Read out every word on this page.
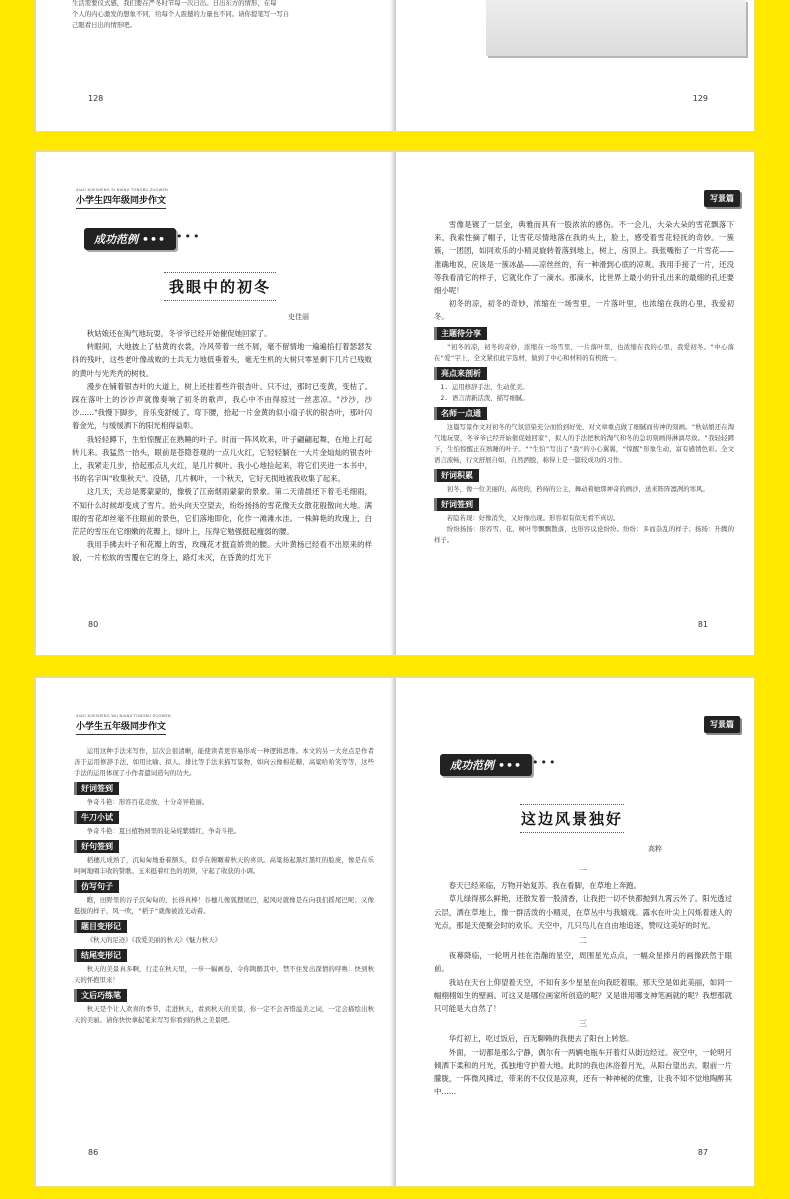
生活需要仪式感，我们要在严冬时节每一次日出。日出东方的情形，在每
个人的内心激发的想象不同，给每个人震撼的力量也不同。请你提笔写一写自
己眼看日出的情形吧。
128	129
XIAO XUESHENG SI NIANJI TONGBU ZUOWEN
小学生四年级同步作文
成功范例 ••• •••
我眼中的初冬
史佳丽

秋姑娘还在淘气地玩耍，冬爷爷已经开始催促她回家了。

转眼间，大地披上了枯黄的衣裳，冷风带着一丝不屑，毫不留情地一遍遍掐打着瑟瑟发抖的残叶，这些老叶像战败的士兵无力地低垂着头，毫无生机的大树只零星剩下几片已残败的黄叶与光秃秃的树枝。

漫步在铺着银杏叶的大道上，树上还挂着些许银杏叶。只不过，那时已变黄，变枯了。踩在落叶上的沙沙声就像奏响了初冬的歌声，我心中不由得掠过一丝悲凉。"沙沙，沙沙……"我慢下脚步，音乐变舒缓了。弯下腰，拾起一片金黄的似小扇子状的银杏叶，那叶闪着金光，与缓缓洒下的阳光相得益彰。

我轻轻蹲下，生怕惊醒正在熟睡的叶子。时而一阵风吹来，叶子翩翩起舞，在地上打起转儿来。我猛然一抬头，眼前是苍隐苍观的一点儿火红，它轻轻躺在一大片金灿灿的银杏叶上，我紧走几步，拾起那点儿火红，是几片枫叶。我小心地捡起来，将它们夹进一本书中，书的名字叫"收集秋天"。没错，几片枫叶，一个秋天，它好无损地被我收集了起来。

这几天，天总是雾蒙蒙的，像极了江南烟雨蒙蒙的景象。第二天清晨还下着毛毛细雨，不知什么时候却变成了雪片。抬头向天空望去，纷纷扬扬的雪花像天女散花般散向大地。满眼的雪花却丝毫不住眼前的景色，它们落地即化，化作一滩滩水洼。一株鲜艳的玫瑰上，白茫茫的雪压在它细嫩的花瓣上，绿叶上，压得它勉强挺起瘦弱的腰。

我用手拂去叶子和花瓣上的雪，玫瑰花才挺直娇贵的腰。大叶黄杨已经看不出原来的样貌，一片松软的雪覆在它的身上，路灯未灭，在昏黄的灯光下

80
写景篇

雪像是镀了一层金，典雅而具有一股浓浓的感伤。不一会儿，大朵大朵的雪花飘落下来，我索性摘了帽子，让雪花尽情地落在我的头上，脸上，感受着雪花轻抚的奇妙。一簇簇，一团团，如同欢乐的小精灵旋转着落到地上，树上，房顶上。我张嘴衔了一片雪花——准确地说，应该是一簇冰晶——凉丝丝的，有一种滑到心底的凉爽。我用手接了一片，还没等我看清它的样子，它就化作了一滴水。那滴水，比世界上最小的针孔出来的最细的孔还要细小呢！

初冬的凉，初冬的奇妙，浓缩在一场雪里，一片落叶里，也浓缩在我的心里，我爱初冬。

主题待分享

"初冬的凉，初冬的奇妙，浓缩在一场雪里，一片落叶里，也浓缩在我的心里，我爱初冬。"中心落在"爱"字上，全文紧扣此字选材，做到了中心和材料的有机统一。

亮点来剖析
1. 运用修辞手法，生动优美。
2. 语言清新活泼，描写细腻。
名师一点通

这篇写景作文对初冬的气氛渲染充分而恰到好处，对文章重点做了细腻而传神的刻画。"秋姑娘还在淘气地玩耍，冬爷爷已经开始催促她回家"，拟人的手法把秋的淘气和冬的急切刻画得淋漓尽致。"我轻轻蹲下，生怕惊醒正在熟睡的叶子。""生怕"写出了"我"的小心翼翼，"惊醒"形象生动，富有感情色彩。全文语言流畅，行文舒展自如，自然洒脱，称得上是一篇较成功的习作。

好词积累

初冬，像一位美丽的，高贵的，矜持的公主，舞动着她那神奇的画沙，送来阵阵凛冽的寒风。

好词签到

若隐若现：好像消失，又好像出现。形容似有似无看不真切。

纷纷扬扬：形容雪、花、树叶等飘飘散落，也形容议论纷纷。纷纷：多而杂乱的样子；扬扬：升腾的样子。

81
XIAO XUESHENG WU NIANJI TONGBU ZUOWEN
小学生五年级同步作文

运用这种手法来写作，层次会很清晰，能使读者更容易形成一种逻辑思维。本文的另一大亮点是作者善于运用修辞手法，如用比喻、拟人、排比等手法来描写景物，如向云像棉花糖，高粱哈哈笑等等，这些手法的运用体现了小作者遣词造句的功夫。

好词签到

争奇斗艳：形容百花竞放，十分奇异艳丽。

牛刀小试

争奇斗艳：夏日植物园里的花朵姹紫嫣红，争奇斗艳。

好句签到

稻穗儿成熟了，沉甸甸地垂着额头，似乎在俯瞰着秋天的喜讯。高粱扬起黑红黑红的脸庞，像是在乐呵呵地唱丰收的赞歌。玉米挺着红色的胡须，守起了收获的小调。

仿写句子

瞧，田野里的谷子沉甸甸的，长得真棒！谷穗儿像狐狸尾巴，起风时就像是在向我们摇尾巴呢；又像挺拔的样子，风一吹，"稻子"就像被波光动着。

题目变形记

《秋天的足迹》《我爱美丽的秋天》《魅力秋天》

结尾变形记

秋天的美景真多啊，行走在秋天里，一步一幅画卷，令你陶醉其中，禁不住发出深情的呼唤：快到秋天的怀抱里来！

文后巧练笔

秋天是个让人欢喜的季节，走进秋天，看到秋天的美景，你一定不会吝惜溢美之词，一定会描绘出秋天的美丽。请你快快拿起笔来写写你看到的秋之美景吧。

86
写景篇
成功范例 ••• •••
这边风景独好
高粹
一

春天已经来临，万物开始复苏。我在看脚，在草地上奔跑。

草儿绿得那么鲜艳，还散发着一股清香，让我把一切不快都抛到九霄云外了。阳光透过云层，洒在草地上，像一群活泼的小精灵，在草丛中与我嬉戏。露水在叶尖上闪烁着迷人的光点，那是天使聚会时的欢乐。天空中，几只鸟儿在自由地追逐，赞叹这美好的时光。

二

夜幕降临，一轮明月挂在浩瀚的星空，周围星光点点，一幅众星捧月的画像跃然于眼前。

我站在天台上仰望着天空，不知有多少星星在向我眨着眼。那天空是如此美丽，如同一幅栩栩如生的壁画。可这又是哪位画家所创造的呢？又是谁用哪支神笔画就的呢？我想那就只可能是大自然了！

三

华灯初上，吃过饭后，百无聊赖的我便去了阳台上转悠。

外面，一切都是那么宁静，偶尔有一两辆电瓶车开着灯从街边经过。夜空中，一轮明月倾洒下柔和的月光，孤独地守护着大地。此时的我也沐浴着月光，从阳台望出去，眼前一片朦胧，一阵微风拂过，带来的不仅仅是凉爽，还有一种神秘的优雅，让我不知不觉地陶醉其中……

87
